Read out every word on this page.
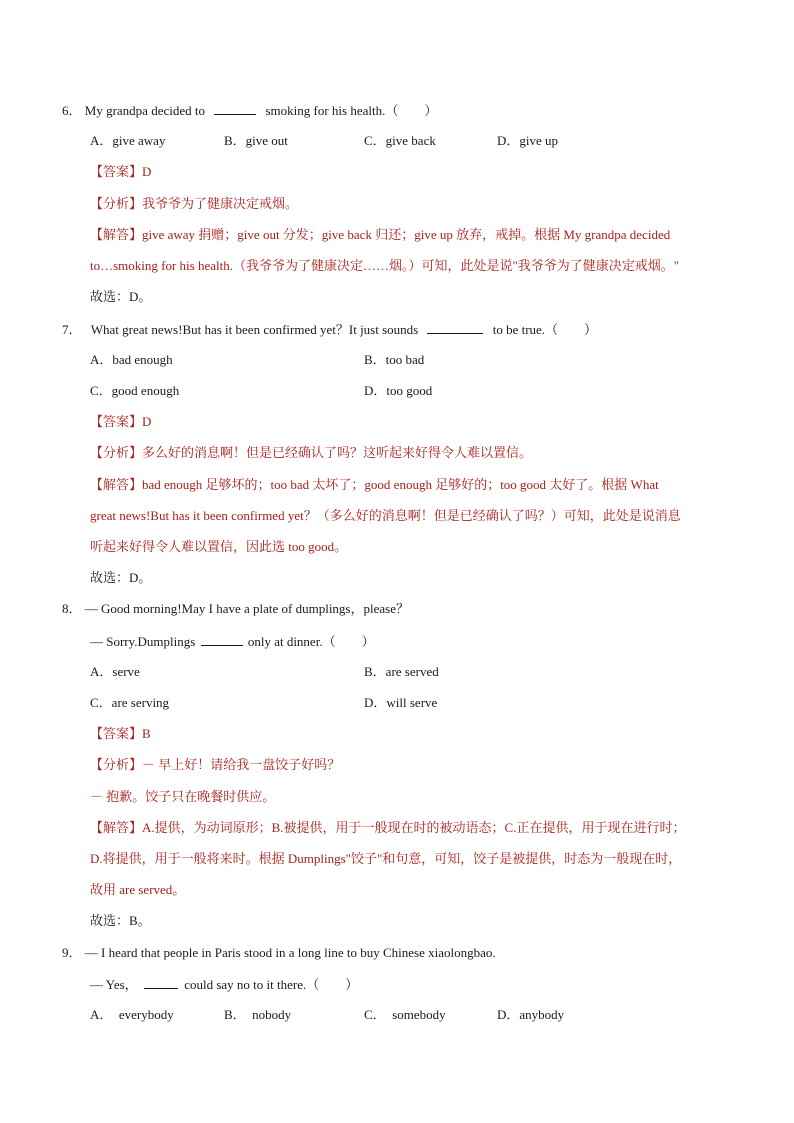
6． My grandpa decided to	smoking for his health.（　　）
A．give away	B．give out	C．give back	D．give up
【答案】D
【分析】我爷爷为了健康决定戒烟。
【解答】give away 捐赠；give out 分发；give back 归还；give up 放弃，戒掉。根据 My grandpa decided
to…smoking for his health.（我爷爷为了健康决定……烟。）可知，此处是说"我爷爷为了健康决定戒烟。"
故选：D。
7． What great news!But has it been confirmed yet？It just sounds	to be true.（　　）
A．bad enough	B．too bad
C．good enough	D．too good
【答案】D
【分析】多么好的消息啊！但是已经确认了吗？这听起来好得令人难以置信。
【解答】bad enough 足够坏的；too bad 太坏了；good enough 足够好的；too good 太好了。根据 What
great news!But has it been confirmed yet？（多么好的消息啊！但是已经确认了吗？）可知，此处是说消息
听起来好得令人难以置信，因此选 too good。
故选：D。
8． — Good morning!May I have a plate of dumplings，please？
— Sorry.Dumplings	only at dinner.（　　）
A．serve	B．are served
C．are serving	D．will serve
【答案】B
【分析】－ 早上好！请给我一盘饺子好吗？
－ 抱歉。饺子只在晚餐时供应。
【解答】A.提供，为动词原形；B.被提供，用于一般现在时的被动语态；C.正在提供，用于现在进行时；
D.将提供，用于一般将来时。根据 Dumplings"饺子"和句意，可知，饺子是被提供，时态为一般现在时，
故用 are served。
故选：B。
9． — I heard that people in Paris stood in a long line to buy Chinese xiaolongbao.
— Yes，	could say no to it there.（　　）
A．　everybody	B．　nobody	C．　somebody	D．anybody
